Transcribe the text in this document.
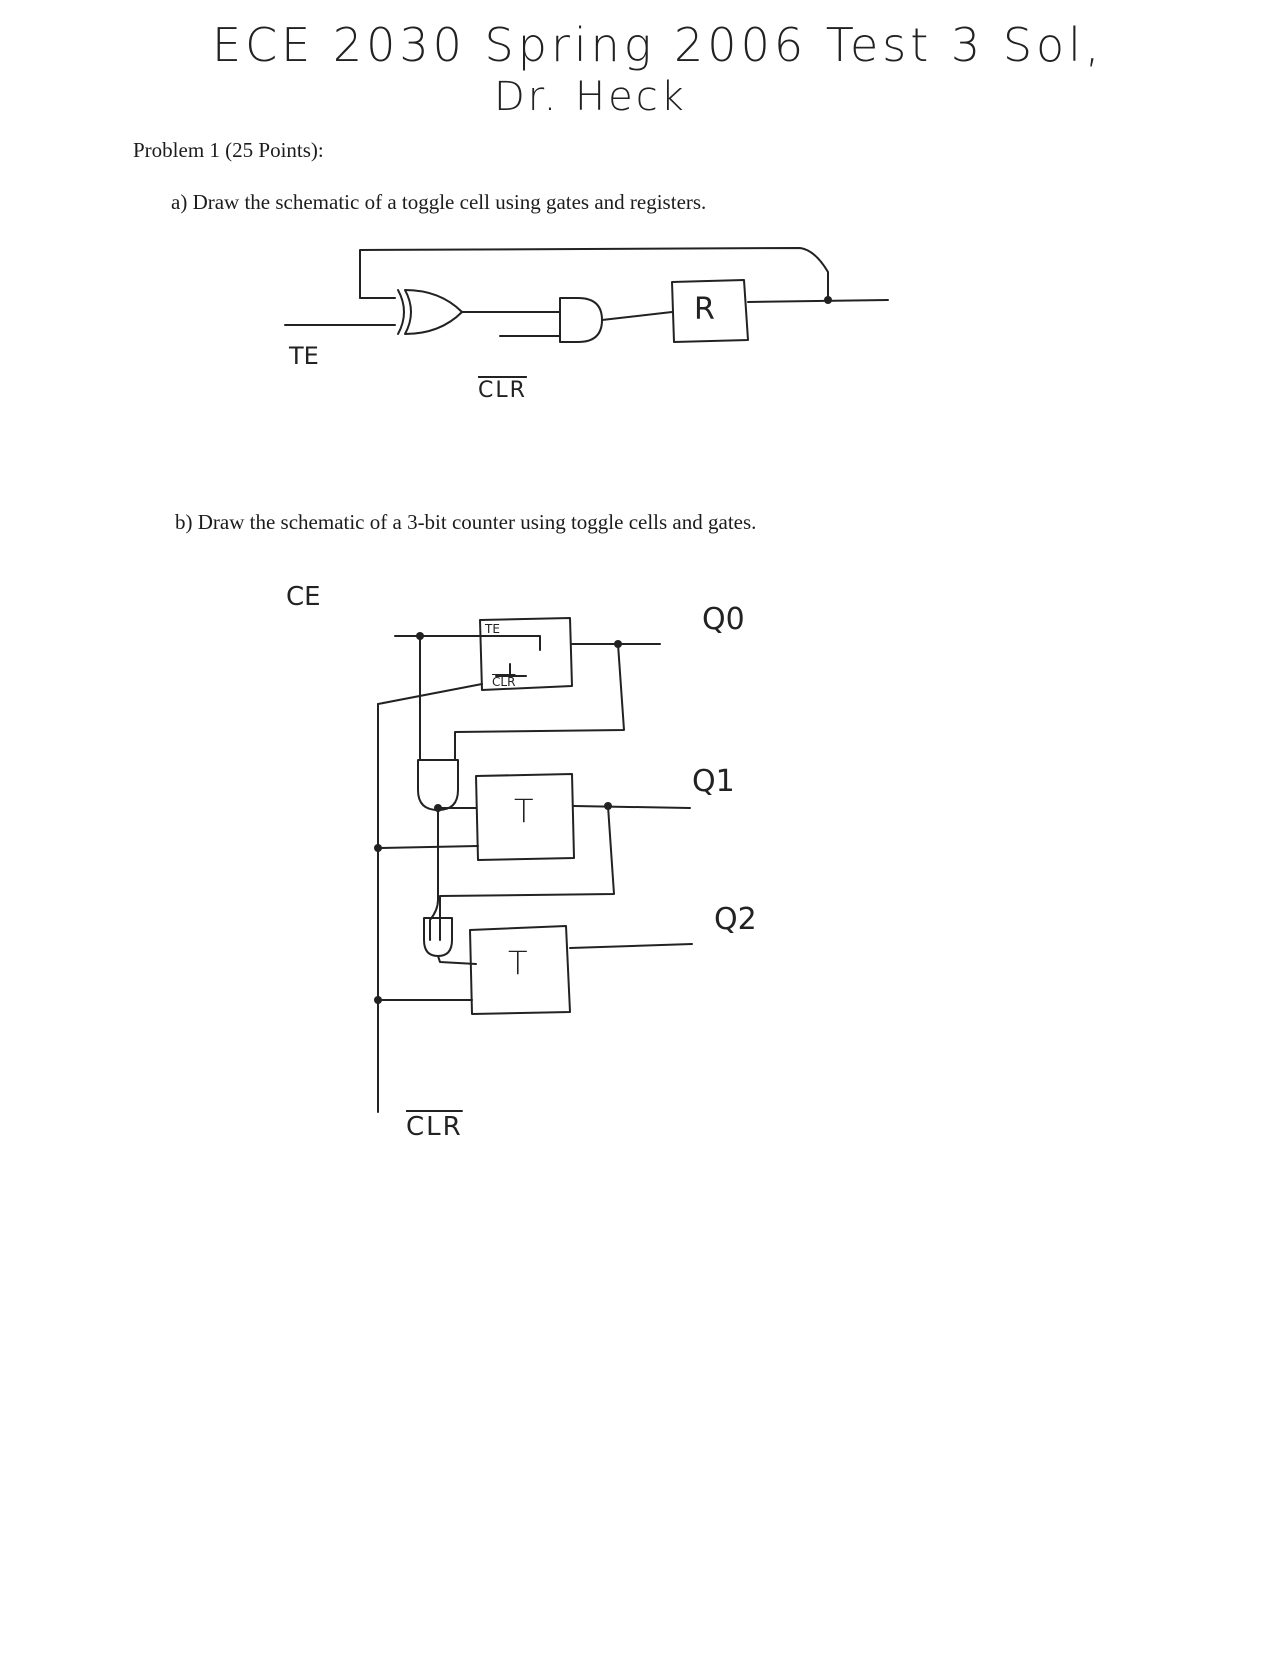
ECE 2030 Spring 2006 Test 3 Sol,
Dr. Heck
Problem 1 (25 Points):
a) Draw the schematic of a toggle cell using gates and registers.
b) Draw the schematic of a 3-bit counter using toggle cells and gates.
TE
$\overline{CLR}$
R
CE
TE
$\overline{CLR}$
T
T
Q0
Q1
Q2
$\overline{CLR}$
